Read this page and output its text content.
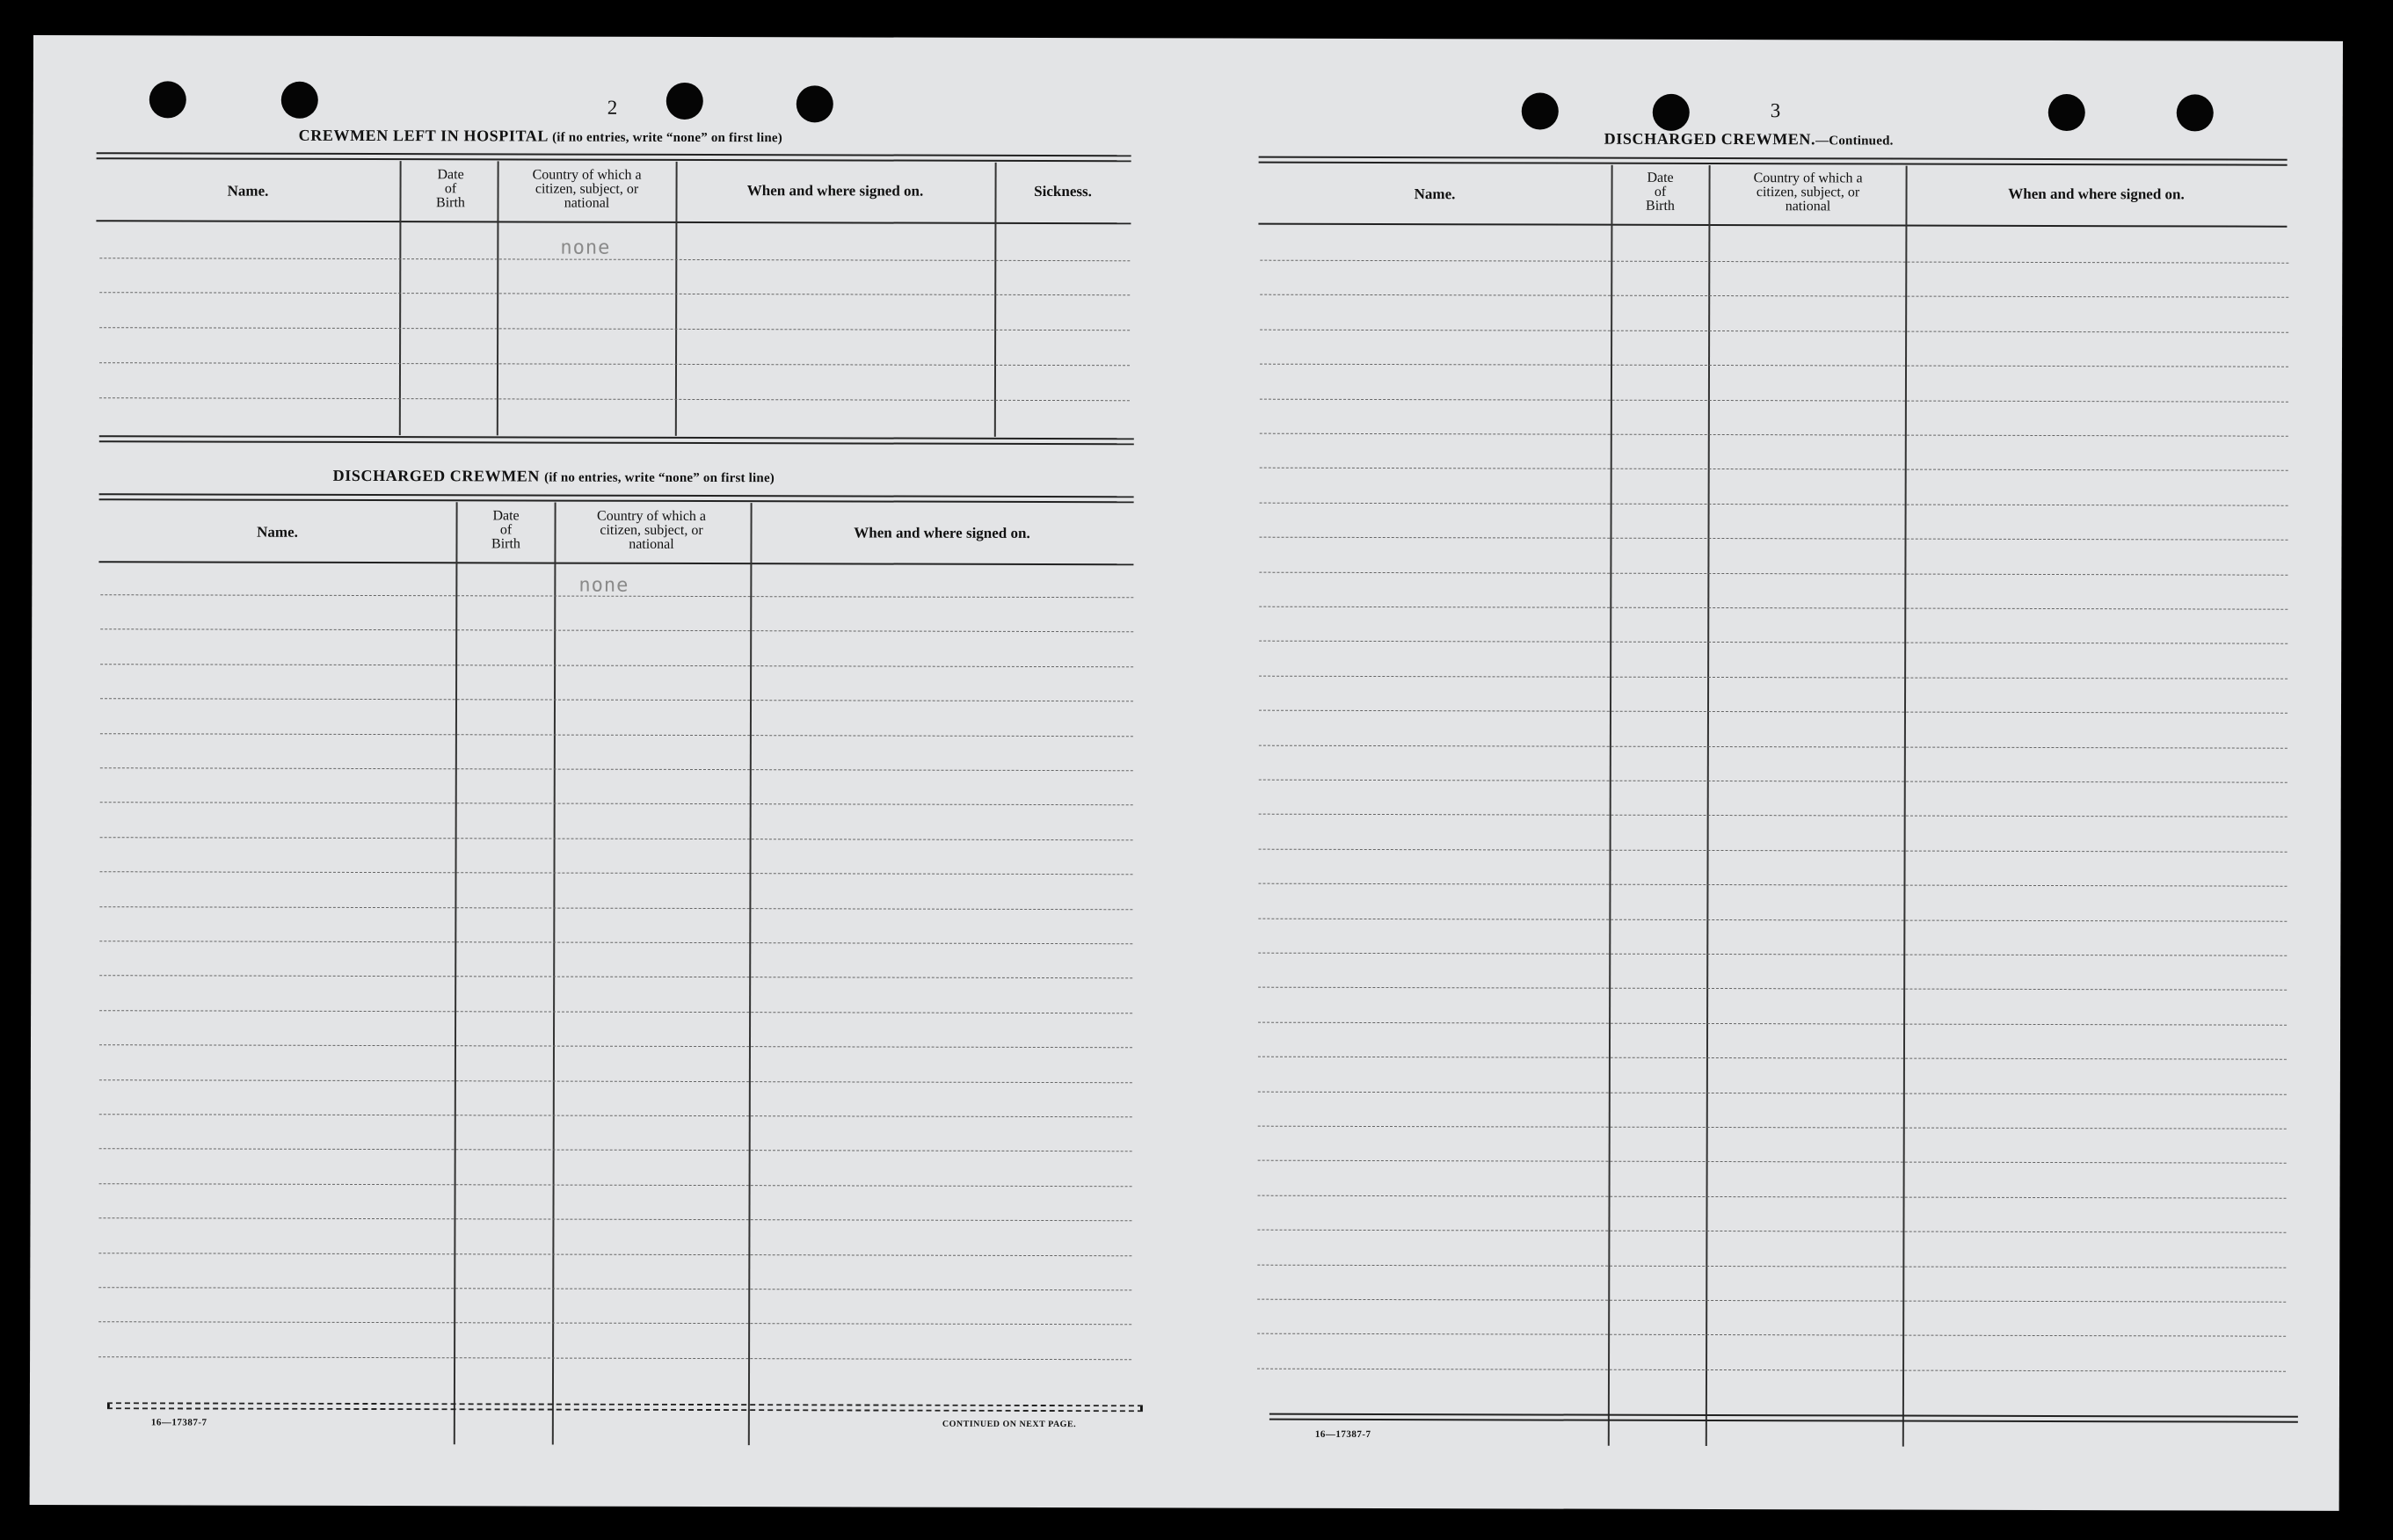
2
CREWMEN LEFT IN HOSPITAL (if no entries, write “none” on first line)
Name.
Date
of
Birth
Country of which a
citizen, subject, or
national
When and where signed on.	Sickness.
none
DISCHARGED CREWMEN (if no entries, write “none” on first line)
Name.
Date
of
Birth
Country of which a
citizen, subject, or
national
When and where signed on.
none
16—17387-7	CONTINUED ON NEXT PAGE.
3
DISCHARGED CREWMEN.—Continued.
Name.
Date
of
Birth
Country of which a
citizen, subject, or
national
When and where signed on.
16—17387-7
